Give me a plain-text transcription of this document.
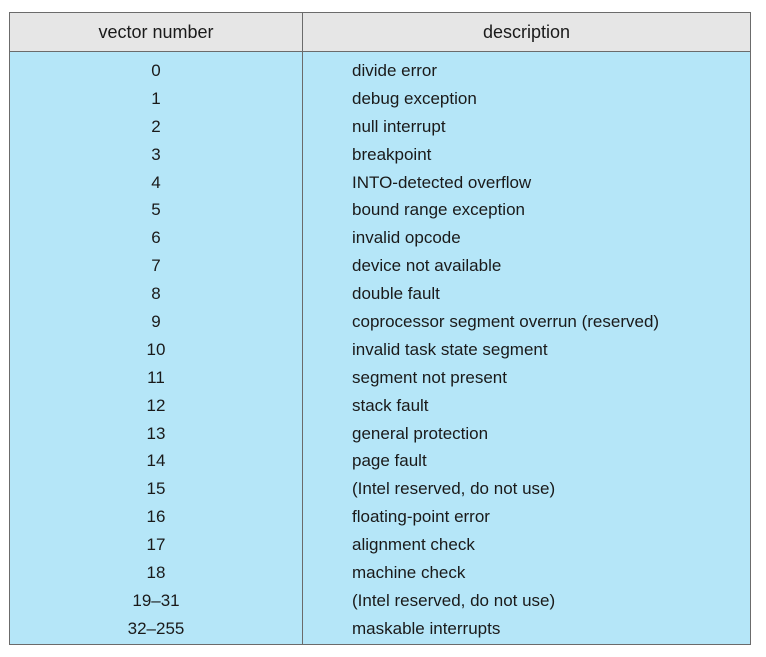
vector number	description
0
1
2
3
4
5
6
7
8
9
10
11
12
13
14
15
16
17
18
19–31
32–255
divide error
debug exception
null interrupt
breakpoint
INTO-detected overflow
bound range exception
invalid opcode
device not available
double fault
coprocessor segment overrun (reserved)
invalid task state segment
segment not present
stack fault
general protection
page fault
(Intel reserved, do not use)
floating-point error
alignment check
machine check
(Intel reserved, do not use)
maskable interrupts
